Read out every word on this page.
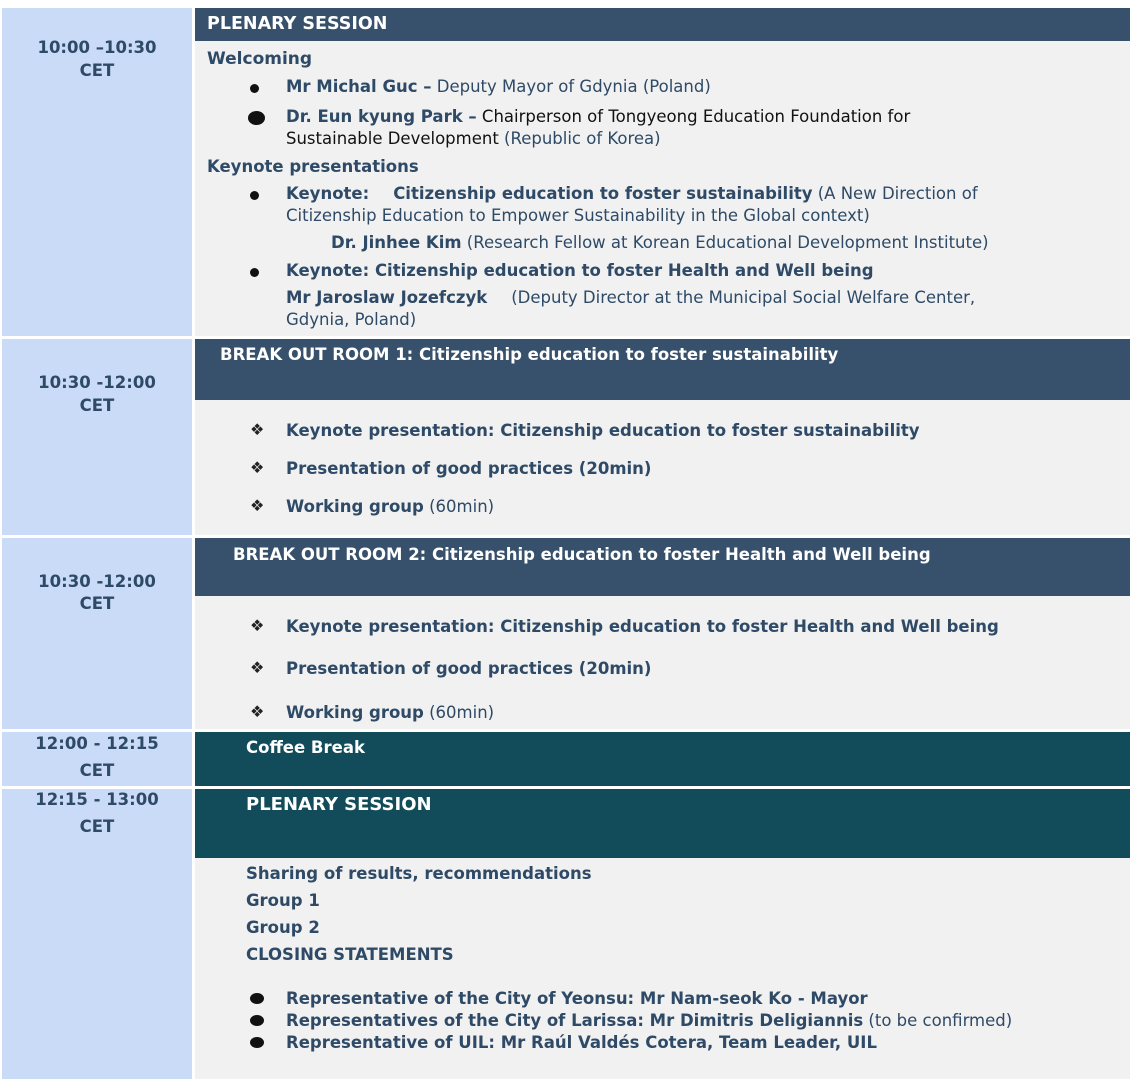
10:00 –10:30
CET
PLENARY SESSION
Welcoming
Mr Michal Guc – Deputy Mayor of Gdynia (Poland)
Dr. Eun kyung Park – Chairperson of Tongyeong Education Foundation for
Sustainable Development (Republic of Korea)
Keynote presentations
Keynote: Citizenship education to foster sustainability (A New Direction of
Citizenship Education to Empower Sustainability in the Global context)
Dr. Jinhee Kim (Research Fellow at Korean Educational Development Institute)
Keynote: Citizenship education to foster Health and Well being
Mr Jaroslaw Jozefczyk (Deputy Director at the Municipal Social Welfare Center,
Gdynia, Poland)
10:30 -12:00
CET
BREAK OUT ROOM 1: Citizenship education to foster sustainability
❖ Keynote presentation: Citizenship education to foster sustainability
❖ Presentation of good practices (20min)
❖ Working group (60min)
10:30 -12:00
CET
BREAK OUT ROOM 2: Citizenship education to foster Health and Well being
❖ Keynote presentation: Citizenship education to foster Health and Well being
❖ Presentation of good practices (20min)
❖ Working group (60min)
12:00 - 12:15
CET
Coffee Break
12:15 - 13:00
CET
PLENARY SESSION
Sharing of results, recommendations
Group 1
Group 2
CLOSING STATEMENTS
Representative of the City of Yeonsu: Mr Nam-seok Ko - Mayor
Representatives of the City of Larissa: Mr Dimitris Deligiannis (to be confirmed)
Representative of UIL: Mr Raúl Valdés Cotera, Team Leader, UIL
